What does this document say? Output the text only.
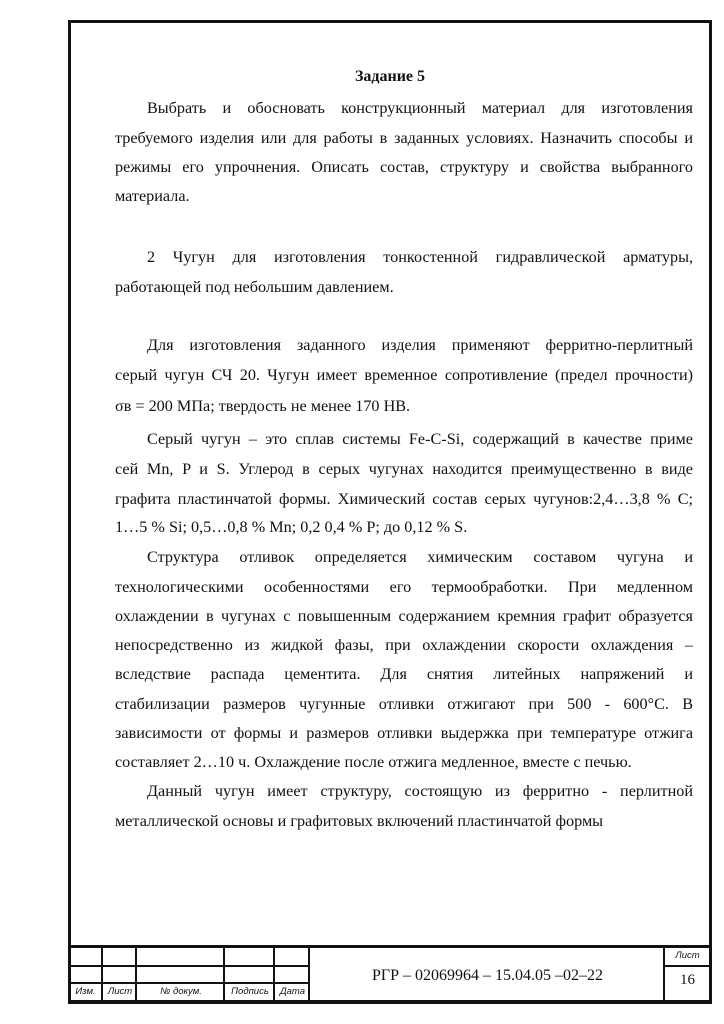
Задание 5
Выбрать и обосновать конструкционный материал для изготовления
требуемого изделия или для работы в заданных условиях. Назначить способы и
режимы его упрочнения. Описать состав, структуру и свойства выбранного
материала.
2 Чугун для изготовления тонкостенной гидравлической арматуры,
работающей под небольшим давлением.
Для изготовления заданного изделия применяют ферритно-перлитный
серый чугун СЧ 20. Чугун имеет временное сопротивление (предел прочности)
σв = 200 МПа; твердость не менее 170 НВ.
Серый чугун – это сплав системы Fe-C-Si, содержащий в качестве приме
сей Mn, P и S. Углерод в серых чугунах находится преимущественно в виде
графита пластинчатой формы. Химический состав серых чугунов:2,4…3,8 % С;
1…5 % Si; 0,5…0,8 % Mn; 0,2 0,4 % P; до 0,12 % S.
Структура отливок определяется химическим составом чугуна и
технологическими особенностями его термообработки. При медленном
охлаждении в чугунах с повышенным содержанием кремния графит образуется
непосредственно из жидкой фазы, при охлаждении скорости охлаждения –
вследствие распада цементита. Для снятия литейных напряжений и
стабилизации размеров чугунные отливки отжигают при 500 - 600°С. В
зависимости от формы и размеров отливки выдержка при температуре отжига
составляет 2…10 ч. Охлаждение после отжига медленное, вместе с печью.
Данный чугун имеет структуру, состоящую из ферритно - перлитной
металлической основы и графитовых включений пластинчатой формы
Изм.	Лист	№ докум.	Подпись	Дата
Лист
РГР – 02069964 – 15.04.05 –02–22	16
